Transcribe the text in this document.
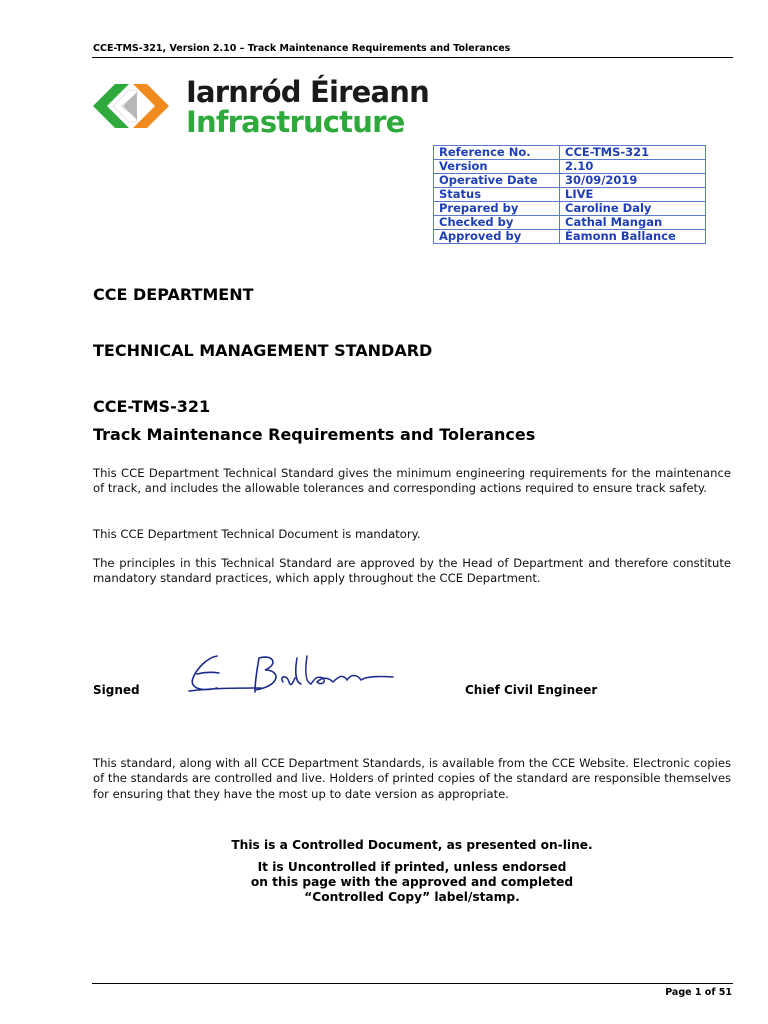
CCE-TMS-321, Version 2.10 – Track Maintenance Requirements and Tolerances
Iarnród Éireann
Infrastructure
Reference No.	CCE-TMS-321
Version	2.10
Operative Date	30/09/2019
Status	LIVE
Prepared by	Caroline Daly
Checked by	Cathal Mangan
Approved by	Éamonn Ballance
CCE DEPARTMENT
TECHNICAL MANAGEMENT STANDARD
CCE-TMS-321
Track Maintenance Requirements and Tolerances
This CCE Department Technical Standard gives the minimum engineering requirements for the maintenance of track, and includes the allowable tolerances and corresponding actions required to ensure track safety.
This CCE Department Technical Document is mandatory.
The principles in this Technical Standard are approved by the Head of Department and therefore constitute mandatory standard practices, which apply throughout the CCE Department.
Signed	Chief Civil Engineer
This standard, along with all CCE Department Standards, is available from the CCE Website. Electronic copies of the standards are controlled and live. Holders of printed copies of the standard are responsible themselves for ensuring that they have the most up to date version as appropriate.
This is a Controlled Document, as presented on-line.
It is Uncontrolled if printed, unless endorsed
on this page with the approved and completed
“Controlled Copy” label/stamp.
Page 1 of 51
